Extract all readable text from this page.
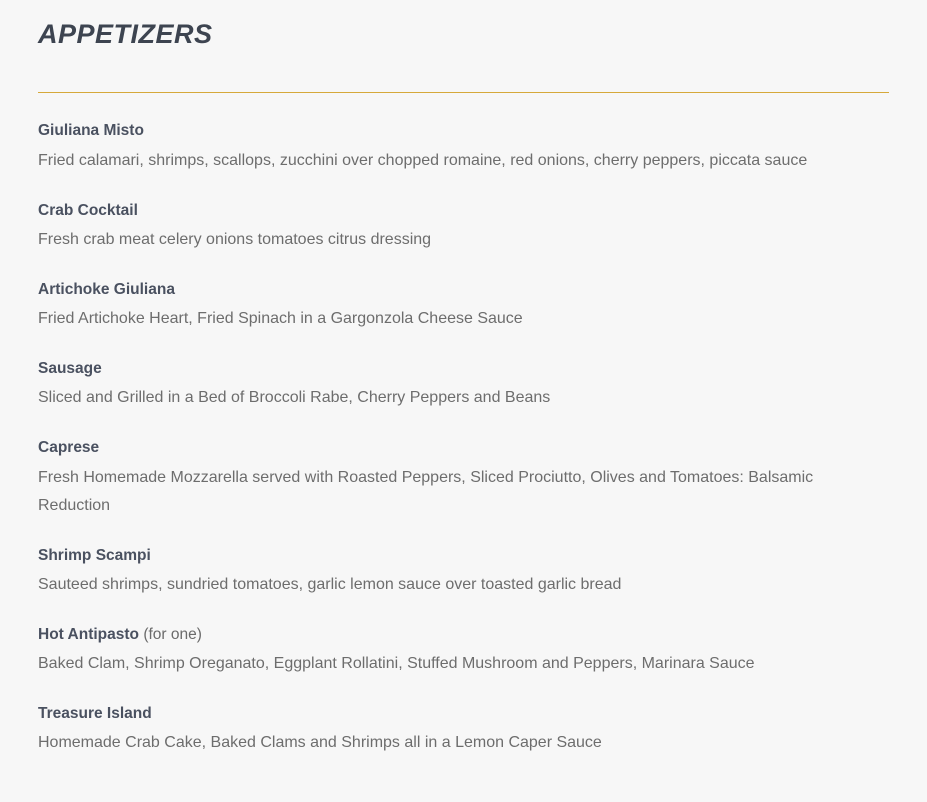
APPETIZERS
Giuliana Misto
Fried calamari, shrimps, scallops, zucchini over chopped romaine, red onions, cherry peppers, piccata sauce
Crab Cocktail
Fresh crab meat celery onions tomatoes citrus dressing
Artichoke Giuliana
Fried Artichoke Heart, Fried Spinach in a Gargonzola Cheese Sauce
Sausage
Sliced and Grilled in a Bed of Broccoli Rabe, Cherry Peppers and Beans
Caprese
Fresh Homemade Mozzarella served with Roasted Peppers, Sliced Prociutto, Olives and Tomatoes: Balsamic Reduction
Shrimp Scampi
Sauteed shrimps, sundried tomatoes, garlic lemon sauce over toasted garlic bread
Hot Antipasto (for one)
Baked Clam, Shrimp Oreganato, Eggplant Rollatini, Stuffed Mushroom and Peppers, Marinara Sauce
Treasure Island
Homemade Crab Cake, Baked Clams and Shrimps all in a Lemon Caper Sauce
